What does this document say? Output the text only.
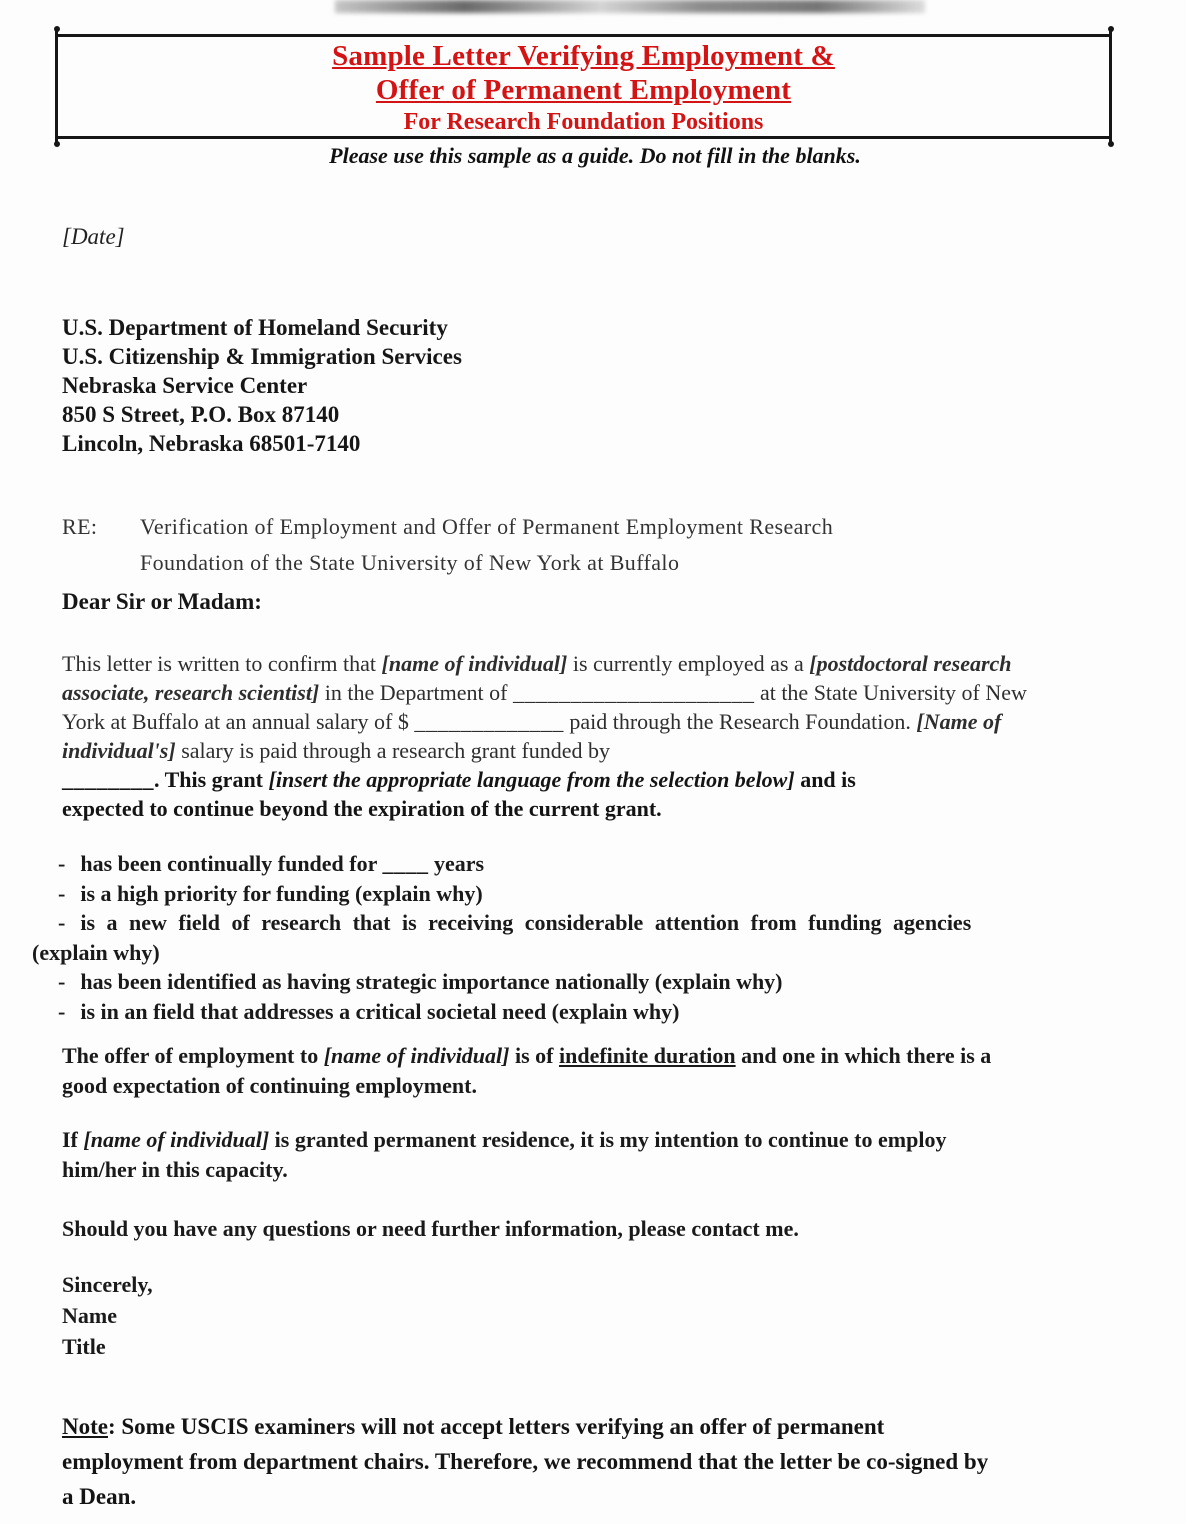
Sample Letter Verifying Employment &
Offer of Permanent Employment
For Research Foundation Positions
Please use this sample as a guide. Do not fill in the blanks.
[Date]
U.S. Department of Homeland Security
U.S. Citizenship & Immigration Services
Nebraska Service Center
850 S Street, P.O. Box 87140
Lincoln, Nebraska 68501-7140
RE:	Verification of Employment and Offer of Permanent Employment Research
Foundation of the State University of New York at Buffalo
Dear Sir or Madam:
This letter is written to confirm that [name of individual] is currently employed as a [postdoctoral research
associate, research scientist] in the Department of _____________________ at the State University of New
York at Buffalo at an annual salary of $ _____________ paid through the Research Foundation. [Name of
individual's] salary is paid through a research grant funded by
________. This grant [insert the appropriate language from the selection below] and is
expected to continue beyond the expiration of the current grant.
- has been continually funded for ____ years
- is a high priority for funding (explain why)
- is a new field of research that is receiving considerable attention from funding agencies
(explain why)
- has been identified as having strategic importance nationally (explain why)
- is in an field that addresses a critical societal need (explain why)
The offer of employment to [name of individual] is of indefinite duration and one in which there is a
good expectation of continuing employment.
If [name of individual] is granted permanent residence, it is my intention to continue to employ
him/her in this capacity.
Should you have any questions or need further information, please contact me.
Sincerely,
Name
Title
Note: Some USCIS examiners will not accept letters verifying an offer of permanent
employment from department chairs. Therefore, we recommend that the letter be co-signed by
a Dean.
